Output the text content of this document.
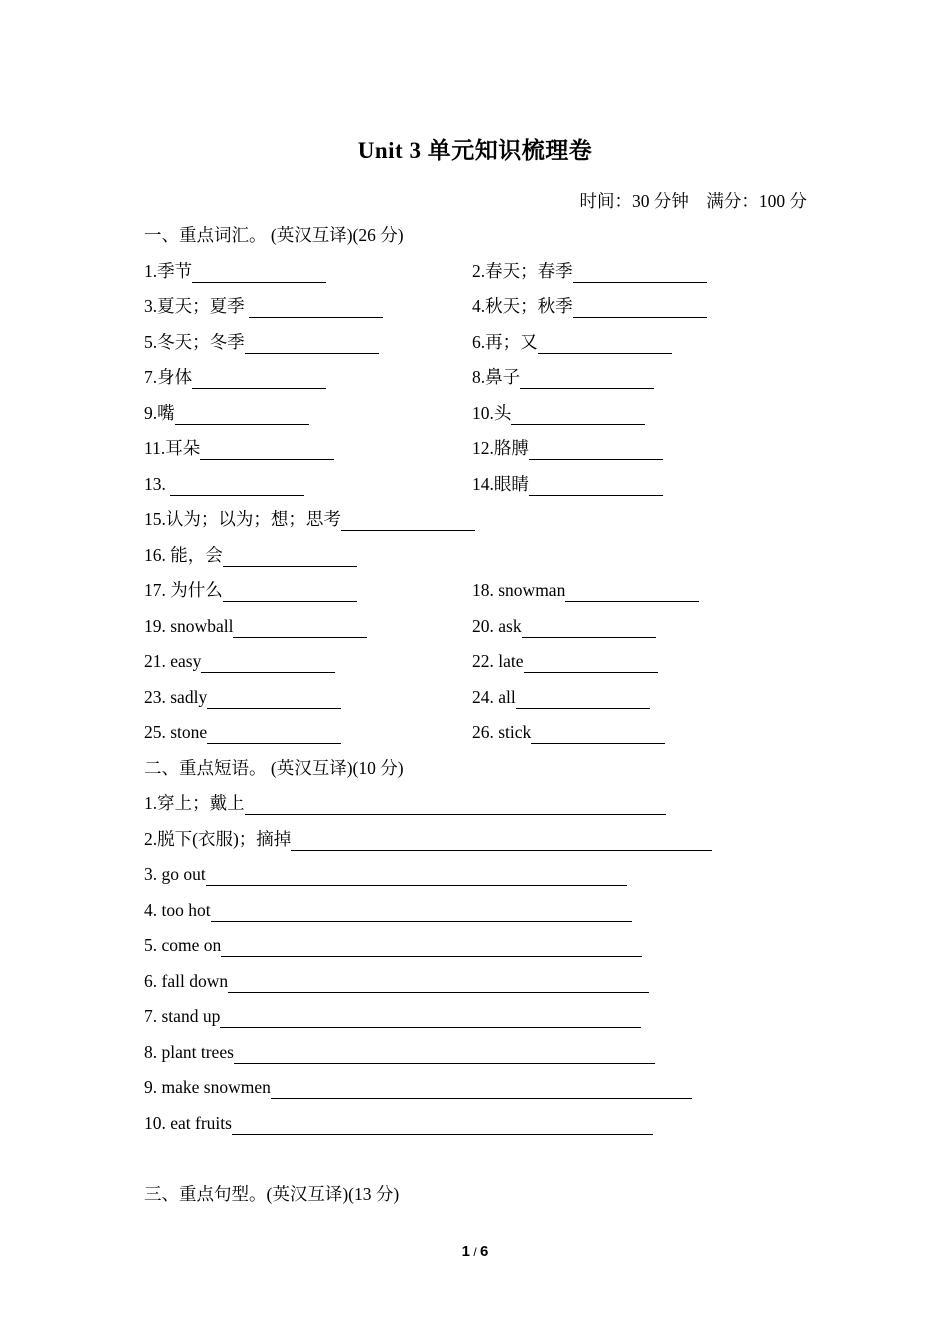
Unit 3 单元知识梳理卷
时间：30 分钟    满分：100 分
一、重点词汇。 (英汉互译)(26 分)
1.季节	2.春天；春季
3.夏天；夏季	4.秋天；秋季
5.冬天；冬季	6.再；又
7.身体	8.鼻子
9.嘴	10.头
11.耳朵	12.胳膊
13.	14.眼睛
15.认为；以为；想；思考
16. 能，会
17. 为什么	18. snowman
19. snowball	20. ask
21. easy	22. late
23. sadly	24. all
25. stone	26. stick
二、重点短语。 (英汉互译)(10 分)
1.穿上；戴上
2.脱下(衣服)；摘掉
3. go out
4. too hot
5. come on
6. fall down
7. stand up
8. plant trees
9. make snowmen
10. eat fruits
三、重点句型。(英汉互译)(13 分)
1 / 6
